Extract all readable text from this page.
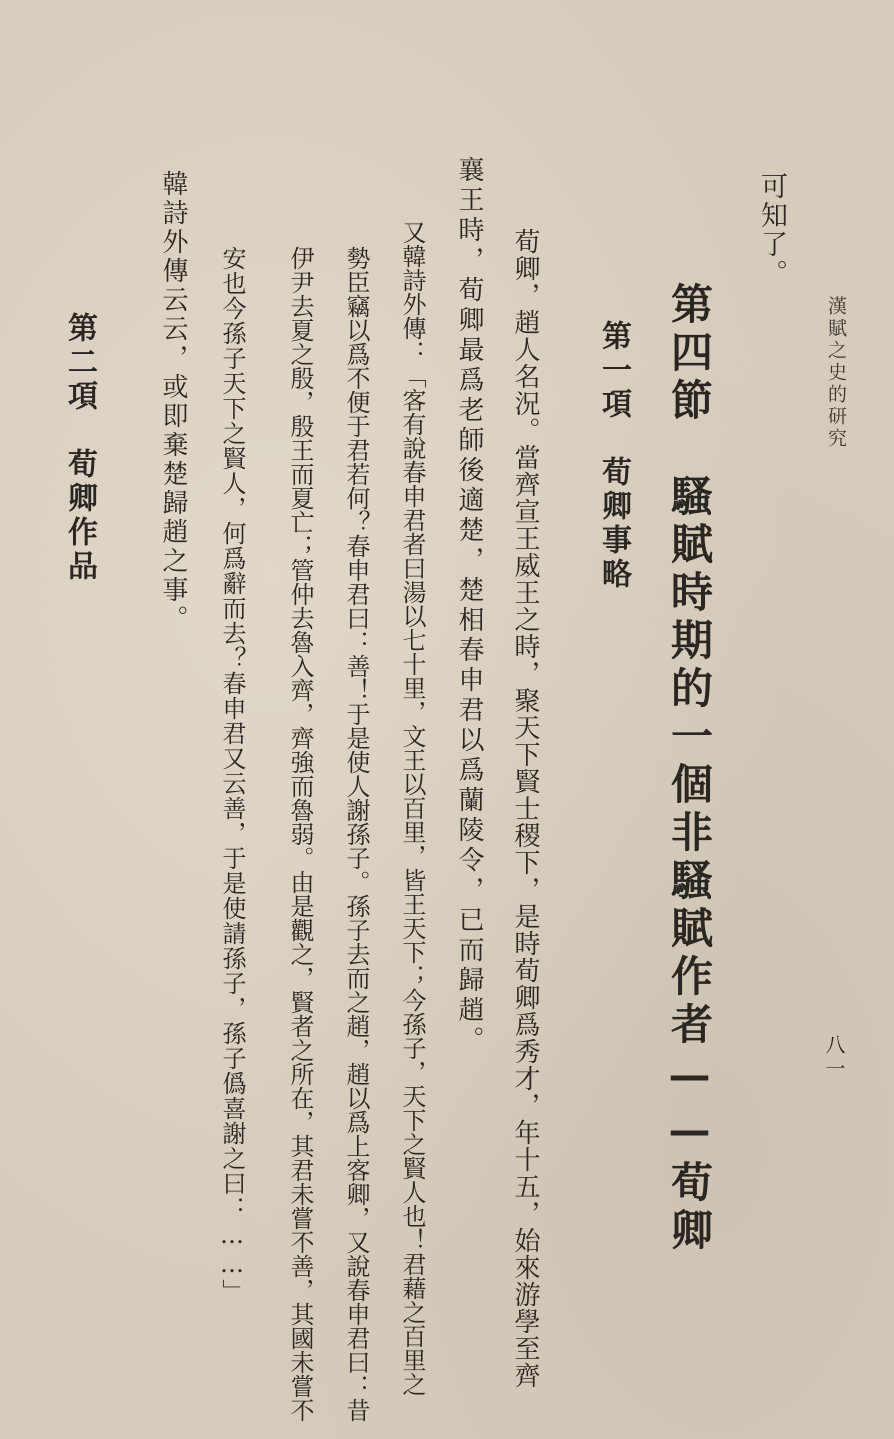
漢賦之史的研究
八一
可知了。
第四節　騷賦時期的一個非騷賦作者——荀卿
第一項　荀卿事略
荀卿，趙人名況。當齊宣王威王之時，聚天下賢士稷下，是時荀卿爲秀才，年十五，始來游學至齊
襄王時，荀卿最爲老師後適楚，楚相春申君以爲蘭陵令，已而歸趙。
又韓詩外傳：「客有說春申君者曰湯以七十里，文王以百里，皆王天下；今孫子，天下之賢人也！君藉之百里之
勢臣竊以爲不便于君若何？春申君曰：善！于是使人謝孫子。孫子去而之趙，趙以爲上客卿，又說春申君曰：昔
伊尹去夏之殷，殷王而夏亡；管仲去魯入齊，齊強而魯弱。由是觀之，賢者之所在，其君未嘗不善，其國未嘗不
安也今孫子天下之賢人，何爲辭而去？春申君又云善，于是使請孫子，孫子僞喜謝之曰：……」
韓詩外傳云云，或即棄楚歸趙之事。
第二項　荀卿作品
